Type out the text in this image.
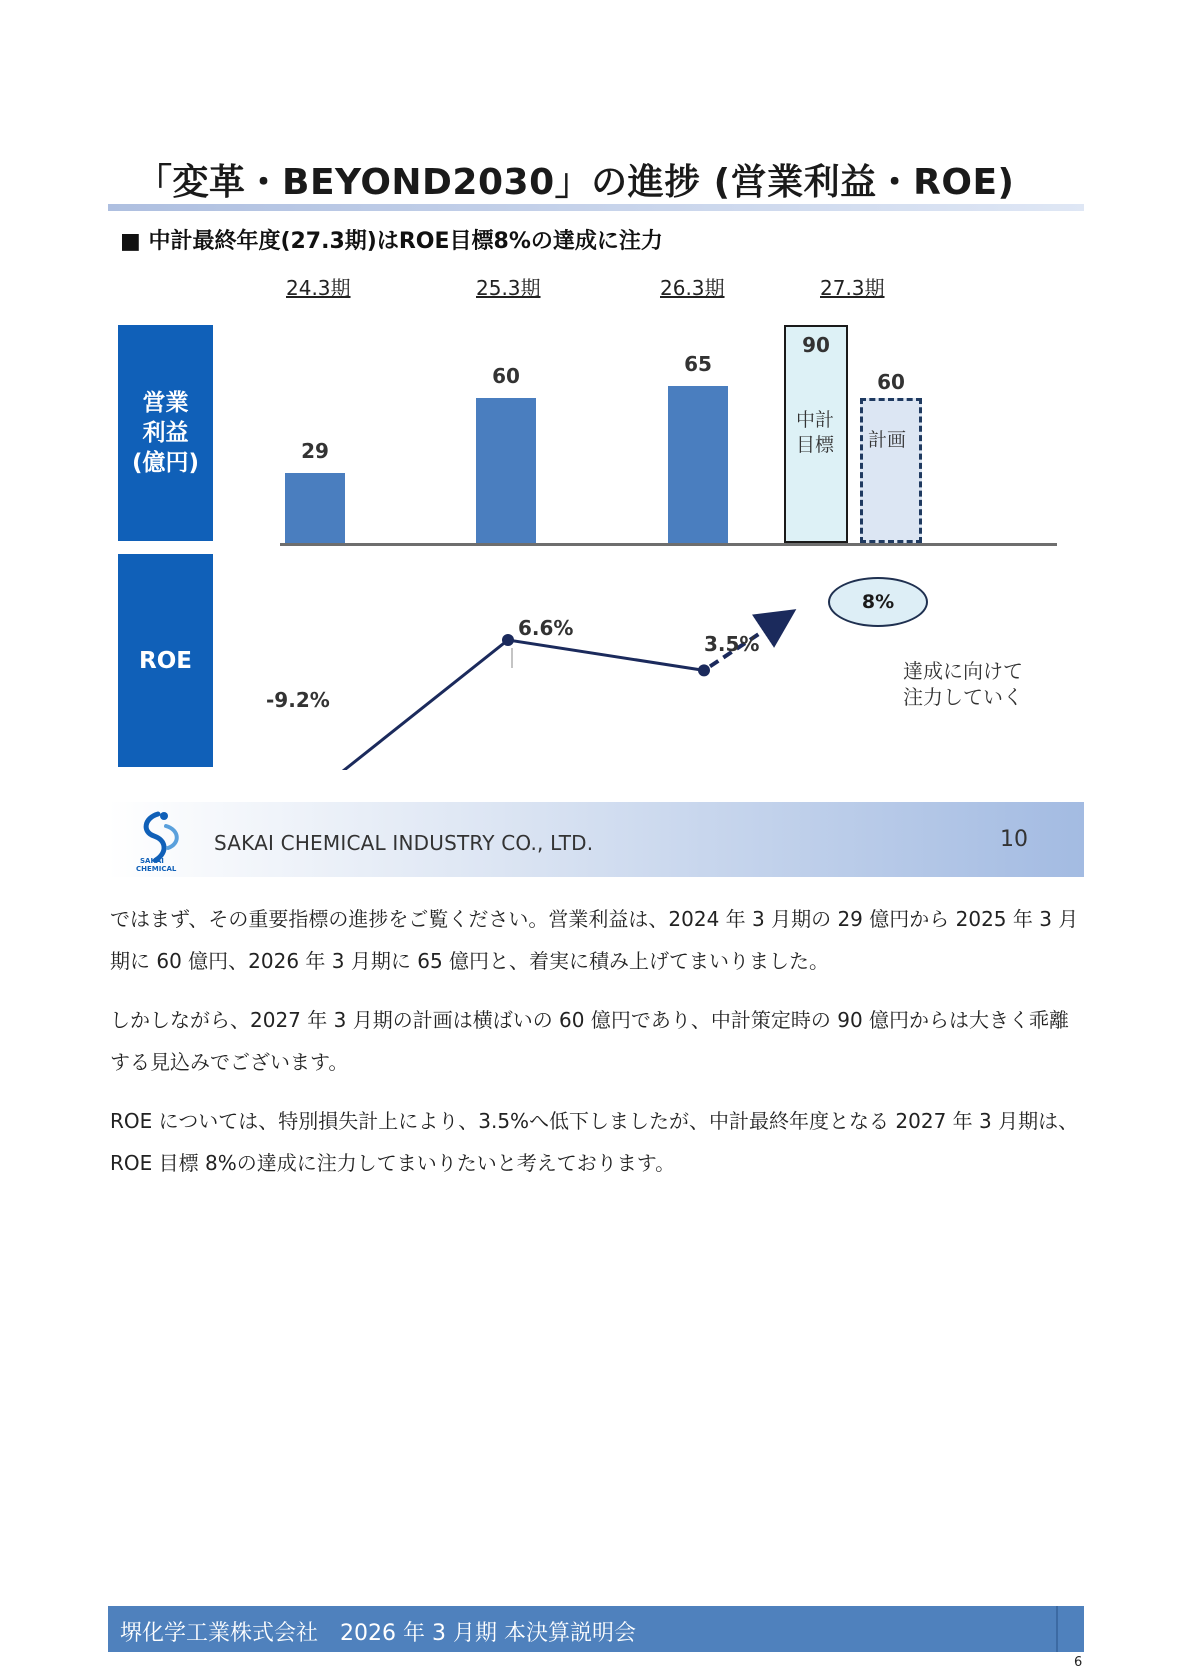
「変革・BEYOND2030」の進捗 (営業利益・ROE)
■ 中計最終年度(27.3期)はROE目標8%の達成に注力
24.3期	25.3期	26.3期	27.3期
営業
利益
(億円)
ROE
29
60
65
90
60
中計
目標 計画
-9.2%
6.6%
3.5%
8%
達成に向けて
注力していく
SAKAI
CHEMICAL
SAKAI CHEMICAL INDUSTRY CO., LTD.	10
ではまず、その重要指標の進捗をご覧ください。営業利益は、2024 年 3 月期の 29 億円から 2025 年 3 月期に 60 億円、2026 年 3 月期に 65 億円と、着実に積み上げてまいりました。
しかしながら、2027 年 3 月期の計画は横ばいの 60 億円であり、中計策定時の 90 億円からは大きく乖離する見込みでございます。
ROE については、特別損失計上により、3.5%へ低下しましたが、中計最終年度となる 2027 年 3 月期は、ROE 目標 8%の達成に注力してまいりたいと考えております。
堺化学工業株式会社　2026 年 3 月期 本決算説明会
6
